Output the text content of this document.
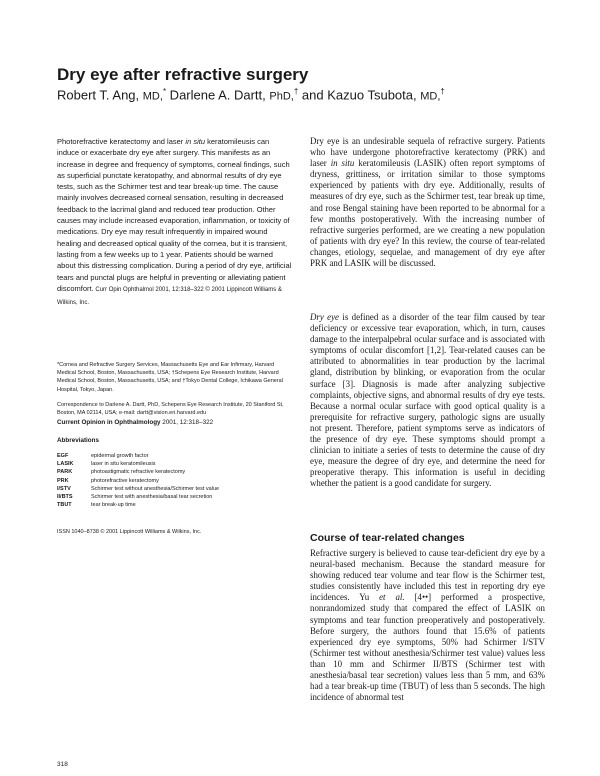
Dry eye after refractive surgery
Robert T. Ang, MD,* Darlene A. Dartt, PhD,† and Kazuo Tsubota, MD,†

Photorefractive keratectomy and laser in situ keratomileusis can induce or exacerbate dry eye after surgery. This manifests as an increase in degree and frequency of symptoms, corneal findings, such as superficial punctate keratopathy, and abnormal results of dry eye tests, such as the Schirmer test and tear break-up time. The cause mainly involves decreased corneal sensation, resulting in decreased feedback to the lacrimal gland and reduced tear production. Other causes may include increased evaporation, inflammation, or toxicity of medications. Dry eye may result infrequently in impaired wound healing and decreased optical quality of the cornea, but it is transient, lasting from a few weeks up to 1 year. Patients should be warned about this distressing complication. During a period of dry eye, artificial tears and punctal plugs are helpful in preventing or alleviating patient discomfort. Curr Opin Ophthalmol 2001, 12:318–322 © 2001 Lippincott Williams & Wilkins, Inc.

*Cornea and Refractive Surgery Services, Massachusetts Eye and Ear Infirmary, Harvard Medical School, Boston, Massachusetts, USA; †Schepens Eye Research Institute, Harvard Medical School, Boston, Massachusetts, USA; and †Tokyo Dental College, Ichikawa General Hospital, Tokyo, Japan.

Correspondence to Darlene A. Dartt, PhD, Schepens Eye Research Institute, 20 Staniford St, Boston, MA 02114, USA; e-mail: dartt@vision.eri.harvard.edu

Current Opinion in Ophthalmology 2001, 12:318–322
Abbreviations
EGF	epidermal growth factor
LASIK	laser in situ keratomileusis
PARK	photoastigmatic refractive keratectomy
PRK	photorefractive keratectomy
I/STV	Schirmer test without anesthesia/Schirmer test value
II/BTS	Schirmer test with anesthesia/basal tear secretion
TBUT	tear break-up time
ISSN 1040–8738 © 2001 Lippincott Williams & Wilkins, Inc.
318

Dry eye is an undesirable sequela of refractive surgery. Patients who have undergone photorefractive keratectomy (PRK) and laser in situ keratomileusis (LASIK) often report symptoms of dryness, grittiness, or irritation similar to those symptoms experienced by patients with dry eye. Additionally, results of measures of dry eye, such as the Schirmer test, tear break up time, and rose Bengal staining have been reported to be abnormal for a few months postoperatively. With the increasing number of refractive surgeries performed, are we creating a new population of patients with dry eye? In this review, the course of tear-related changes, etiology, sequelae, and management of dry eye after PRK and LASIK will be discussed.

Dry eye is defined as a disorder of the tear film caused by tear deficiency or excessive tear evaporation, which, in turn, causes damage to the interpalpebral ocular surface and is associated with symptoms of ocular discomfort [1,2]. Tear-related causes can be attributed to abnormalities in tear production by the lacrimal gland, distribution by blinking, or evaporation from the ocular surface [3]. Diagnosis is made after analyzing subjective complaints, objective signs, and abnormal results of dry eye tests. Because a normal ocular surface with good optical quality is a prerequisite for refractive surgery, pathologic signs are usually not present. Therefore, patient symptoms serve as indicators of the presence of dry eye. These symptoms should prompt a clinician to initiate a series of tests to determine the cause of dry eye, measure the degree of dry eye, and determine the need for preoperative therapy. This information is useful in deciding whether the patient is a good candidate for surgery.

Course of tear-related changes

Refractive surgery is believed to cause tear-deficient dry eye by a neural-based mechanism. Because the standard measure for showing reduced tear volume and tear flow is the Schirmer test, studies consistently have included this test in reporting dry eye incidences. Yu et al. [4••] performed a prospective, nonrandomized study that compared the effect of LASIK on symptoms and tear function preoperatively and postoperatively. Before surgery, the authors found that 15.6% of patients experienced dry eye symptoms, 50% had Schirmer I/STV (Schirmer test without anesthesia/Schirmer test value) values less than 10 mm and Schirmer II/BTS (Schirmer test with anesthesia/basal tear secretion) values less than 5 mm, and 63% had a tear break-up time (TBUT) of less than 5 seconds. The high incidence of abnormal test
